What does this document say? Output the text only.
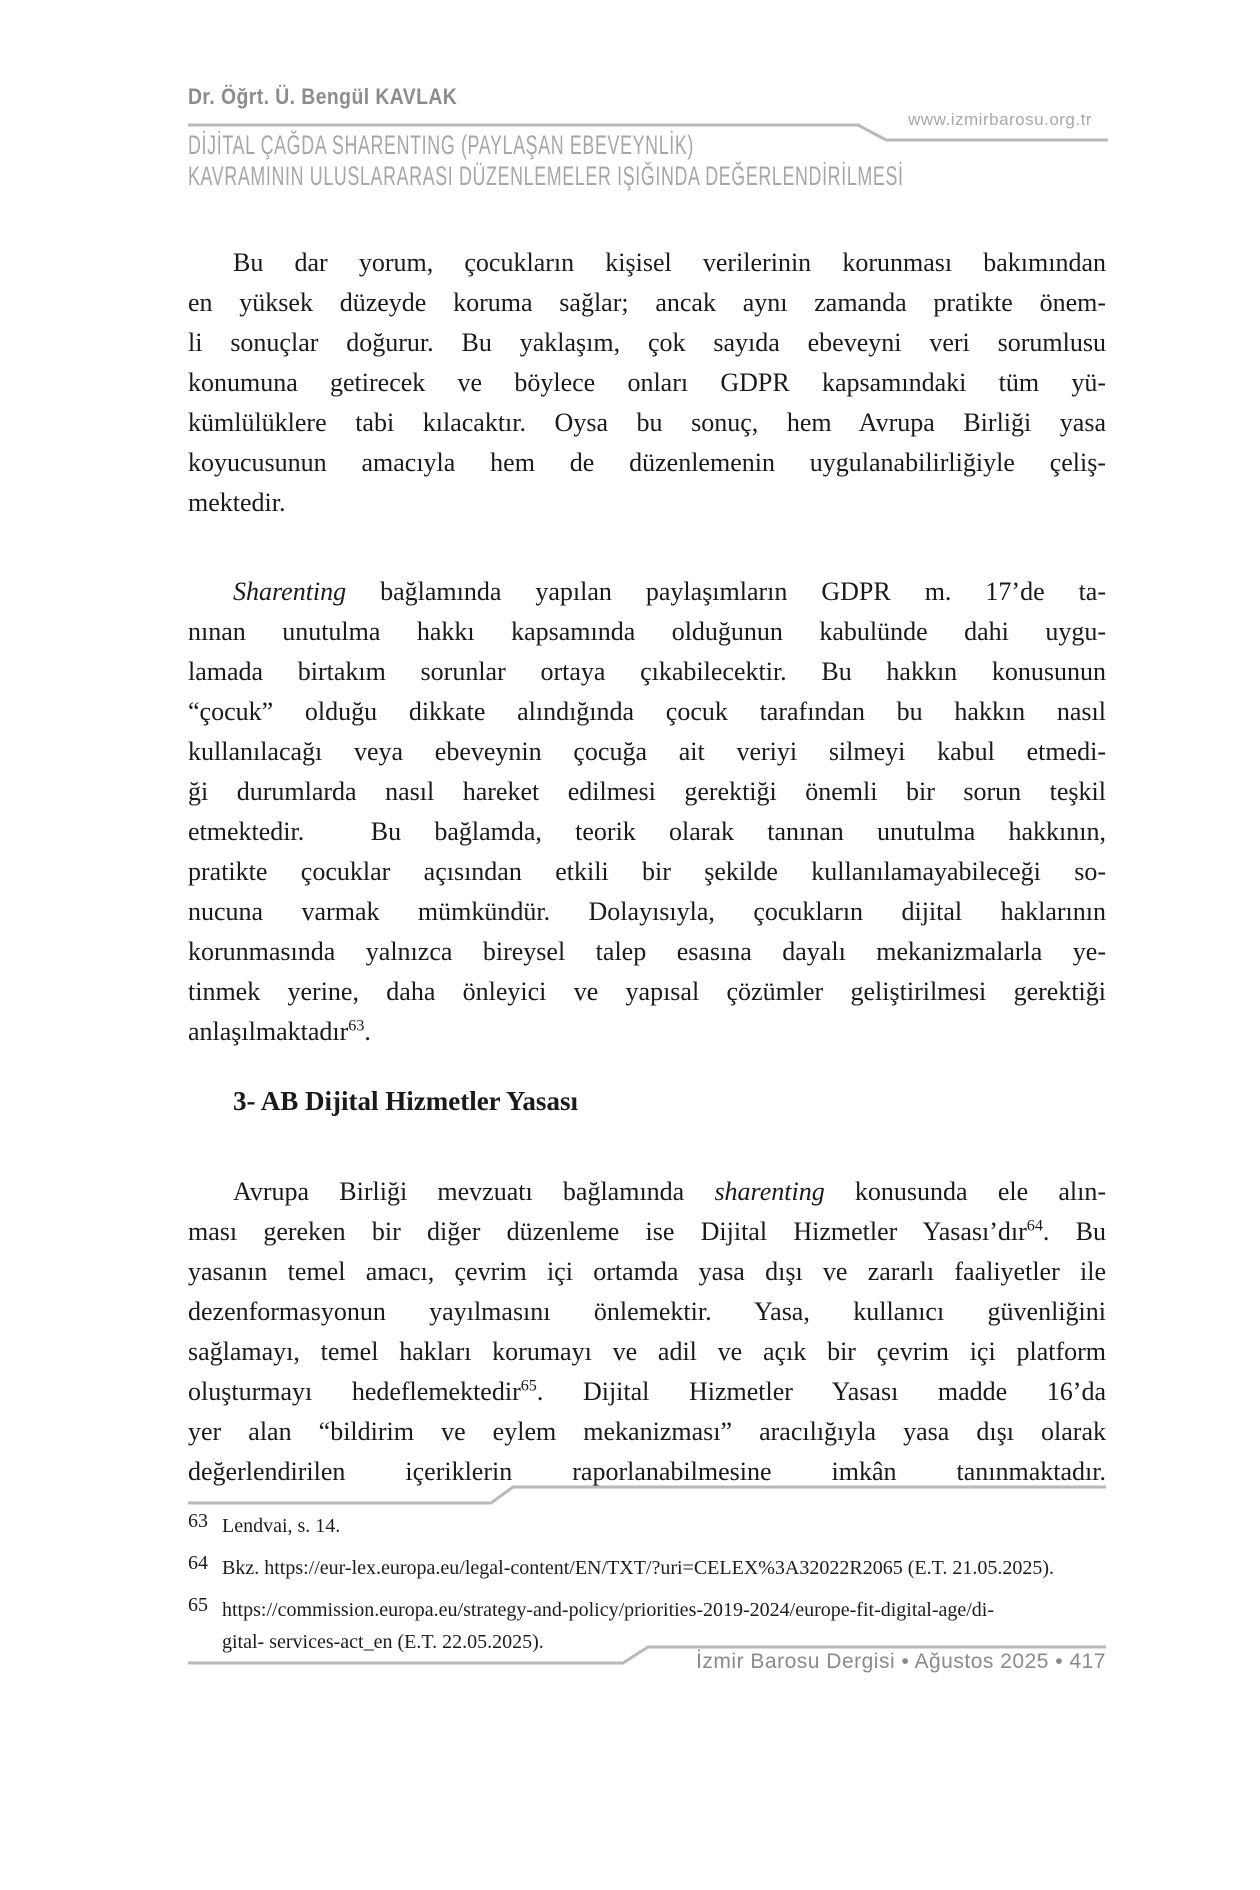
Dr. Öğrt. Ü. Bengül KAVLAK
www.izmirbarosu.org.tr
DİJİTAL ÇAĞDA SHARENTING (PAYLAŞAN EBEVEYNLİK)
KAVRAMININ ULUSLARARASI DÜZENLEMELER IŞIĞINDA DEĞERLENDİRİLMESİ
Bu dar yorum, çocukların kişisel verilerinin korunması bakımından
en yüksek düzeyde koruma sağlar; ancak aynı zamanda pratikte önem-
li sonuçlar doğurur. Bu yaklaşım, çok sayıda ebeveyni veri sorumlusu
konumuna getirecek ve böylece onları GDPR kapsamındaki tüm yü-
kümlülüklere tabi kılacaktır. Oysa bu sonuç, hem Avrupa Birliği yasa
koyucusunun amacıyla hem de düzenlemenin uygulanabilirliğiyle çeliş-
mektedir.
Sharenting bağlamında yapılan paylaşımların GDPR m. 17’de ta-
nınan unutulma hakkı kapsamında olduğunun kabulünde dahi uygu-
lamada birtakım sorunlar ortaya çıkabilecektir. Bu hakkın konusunun
“çocuk” olduğu dikkate alındığında çocuk tarafından bu hakkın nasıl
kullanılacağı veya ebeveynin çocuğa ait veriyi silmeyi kabul etmedi-
ği durumlarda nasıl hareket edilmesi gerektiği önemli bir sorun teşkil
etmektedir.  Bu bağlamda, teorik olarak tanınan unutulma hakkının,
pratikte çocuklar açısından etkili bir şekilde kullanılamayabileceği so-
nucuna varmak mümkündür. Dolayısıyla, çocukların dijital haklarının
korunmasında yalnızca bireysel talep esasına dayalı mekanizmalarla ye-
tinmek yerine, daha önleyici ve yapısal çözümler geliştirilmesi gerektiği
anlaşılmaktadır$^{63}$.
3- AB Dijital Hizmetler Yasası
Avrupa Birliği mevzuatı bağlamında sharenting konusunda ele alın-
ması gereken bir diğer düzenleme ise Dijital Hizmetler Yasası’dır$^{64}$. Bu
yasanın temel amacı, çevrim içi ortamda yasa dışı ve zararlı faaliyetler ile
dezenformasyonun yayılmasını önlemektir. Yasa, kullanıcı güvenliğini
sağlamayı, temel hakları korumayı ve adil ve açık bir çevrim içi platform
oluşturmayı hedeflemektedir$^{65}$. Dijital Hizmetler Yasası madde 16’da
yer alan “bildirim ve eylem mekanizması” aracılığıyla yasa dışı olarak
değerlendirilen içeriklerin raporlanabilmesine imkân tanınmaktadır.
63 Lendvai, s. 14.
64 Bkz. https://eur-lex.europa.eu/legal-content/EN/TXT/?uri=CELEX%3A32022R2065 (E.T. 21.05.2025).
65 https://commission.europa.eu/strategy-and-policy/priorities-2019-2024/europe-fit-digital-age/di-
gital- services-act_en (E.T. 22.05.2025).
İzmir Barosu Dergisi • Ağustos 2025 • 417
